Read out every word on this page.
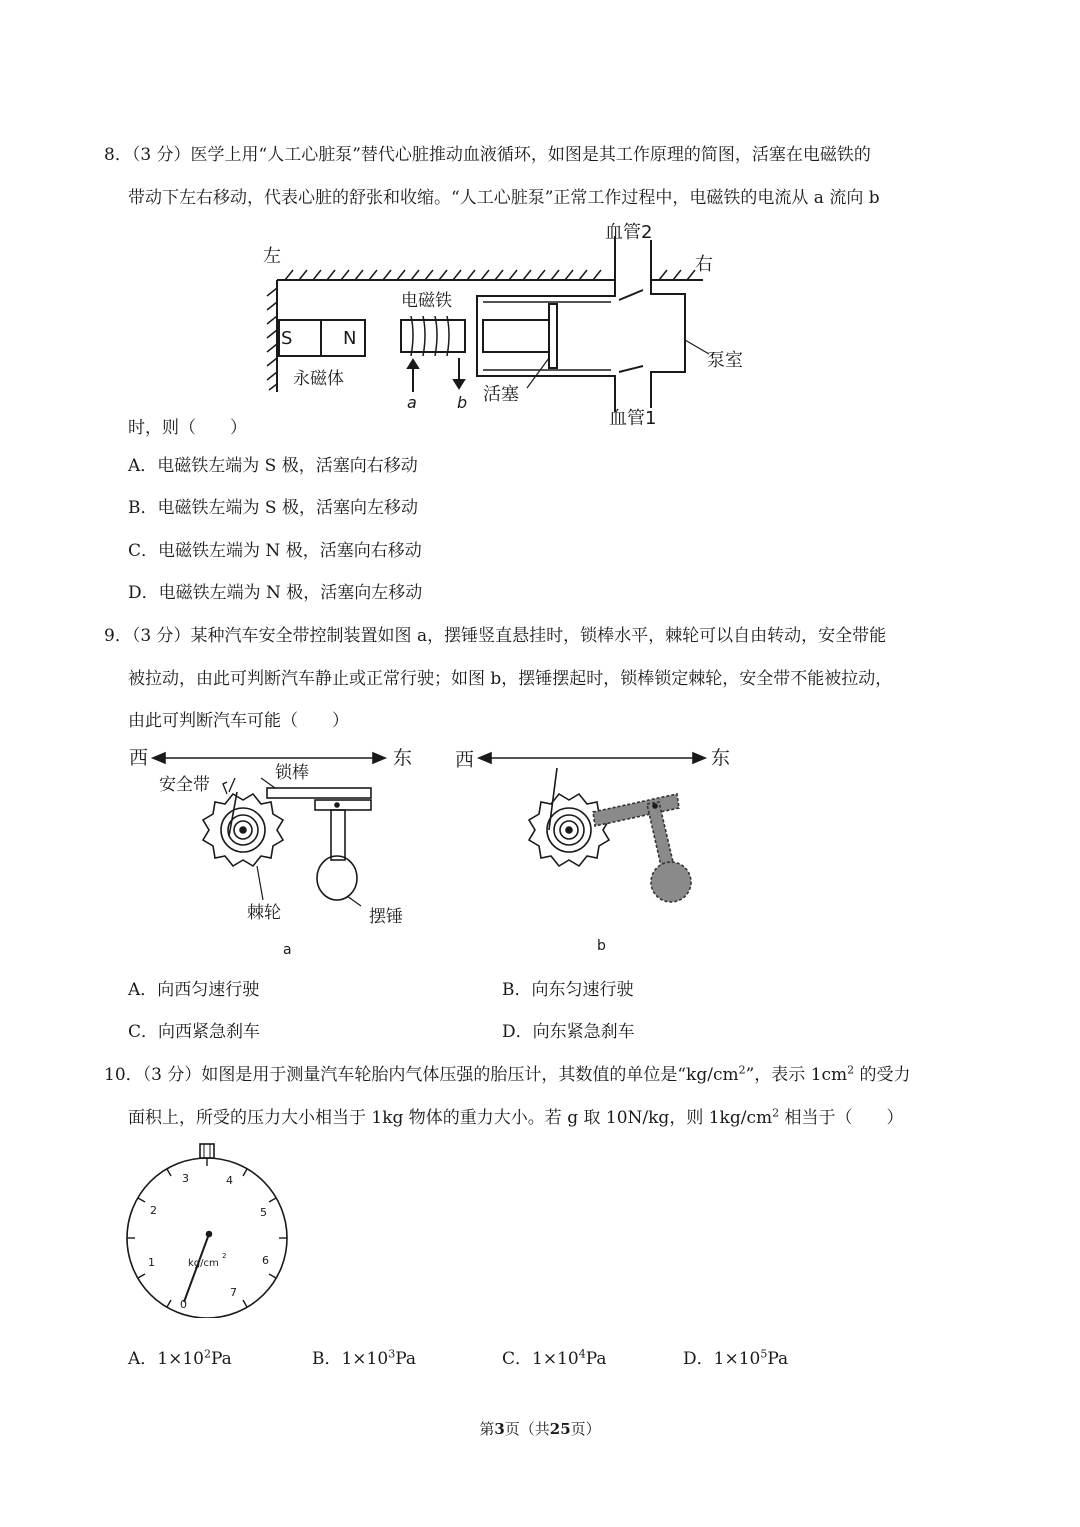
8．（3 分）医学上用“人工心脏泵”替代心脏推动血液循环，如图是其工作原理的简图，活塞在电磁铁的
带动下左右移动，代表心脏的舒张和收缩。“人工心脏泵”正常工作过程中，电磁铁的电流从 a 流向 b
左	右
血管2
血管1
电磁铁
S	N
永磁体
a	b 活塞
泵室
时，则（　　）
A．电磁铁左端为 S 极，活塞向右移动
B．电磁铁左端为 S 极，活塞向左移动
C．电磁铁左端为 N 极，活塞向右移动
D．电磁铁左端为 N 极，活塞向左移动
9．（3 分）某种汽车安全带控制装置如图 a，摆锤竖直悬挂时，锁棒水平，棘轮可以自由转动，安全带能
被拉动，由此可判断汽车静止或正常行驶；如图 b，摆锤摆起时，锁棒锁定棘轮，安全带不能被拉动，
由此可判断汽车可能（　　）
西	东
安全带
锁棒
棘轮	摆锤
a
西	东
b
A．向西匀速行驶	B．向东匀速行驶
C．向西紧急刹车	D．向东紧急刹车
10．（3 分）如图是用于测量汽车轮胎内气体压强的胎压计，其数值的单位是“$kg/cm^2$”，表示 $1cm^2$ 的受力
面积上，所受的压力大小相当于 1kg 物体的重力大小。若 g 取 10N/kg，则 $1kg/cm^2$ 相当于（　　）
0
1
2
3	4
5
6
7
kg/cm
2
A．$1\times 10^2Pa$	B．$1\times 10^3Pa$	C．$1\times 10^4Pa$	D．$1\times 10^5Pa$
第3页（共25页）
